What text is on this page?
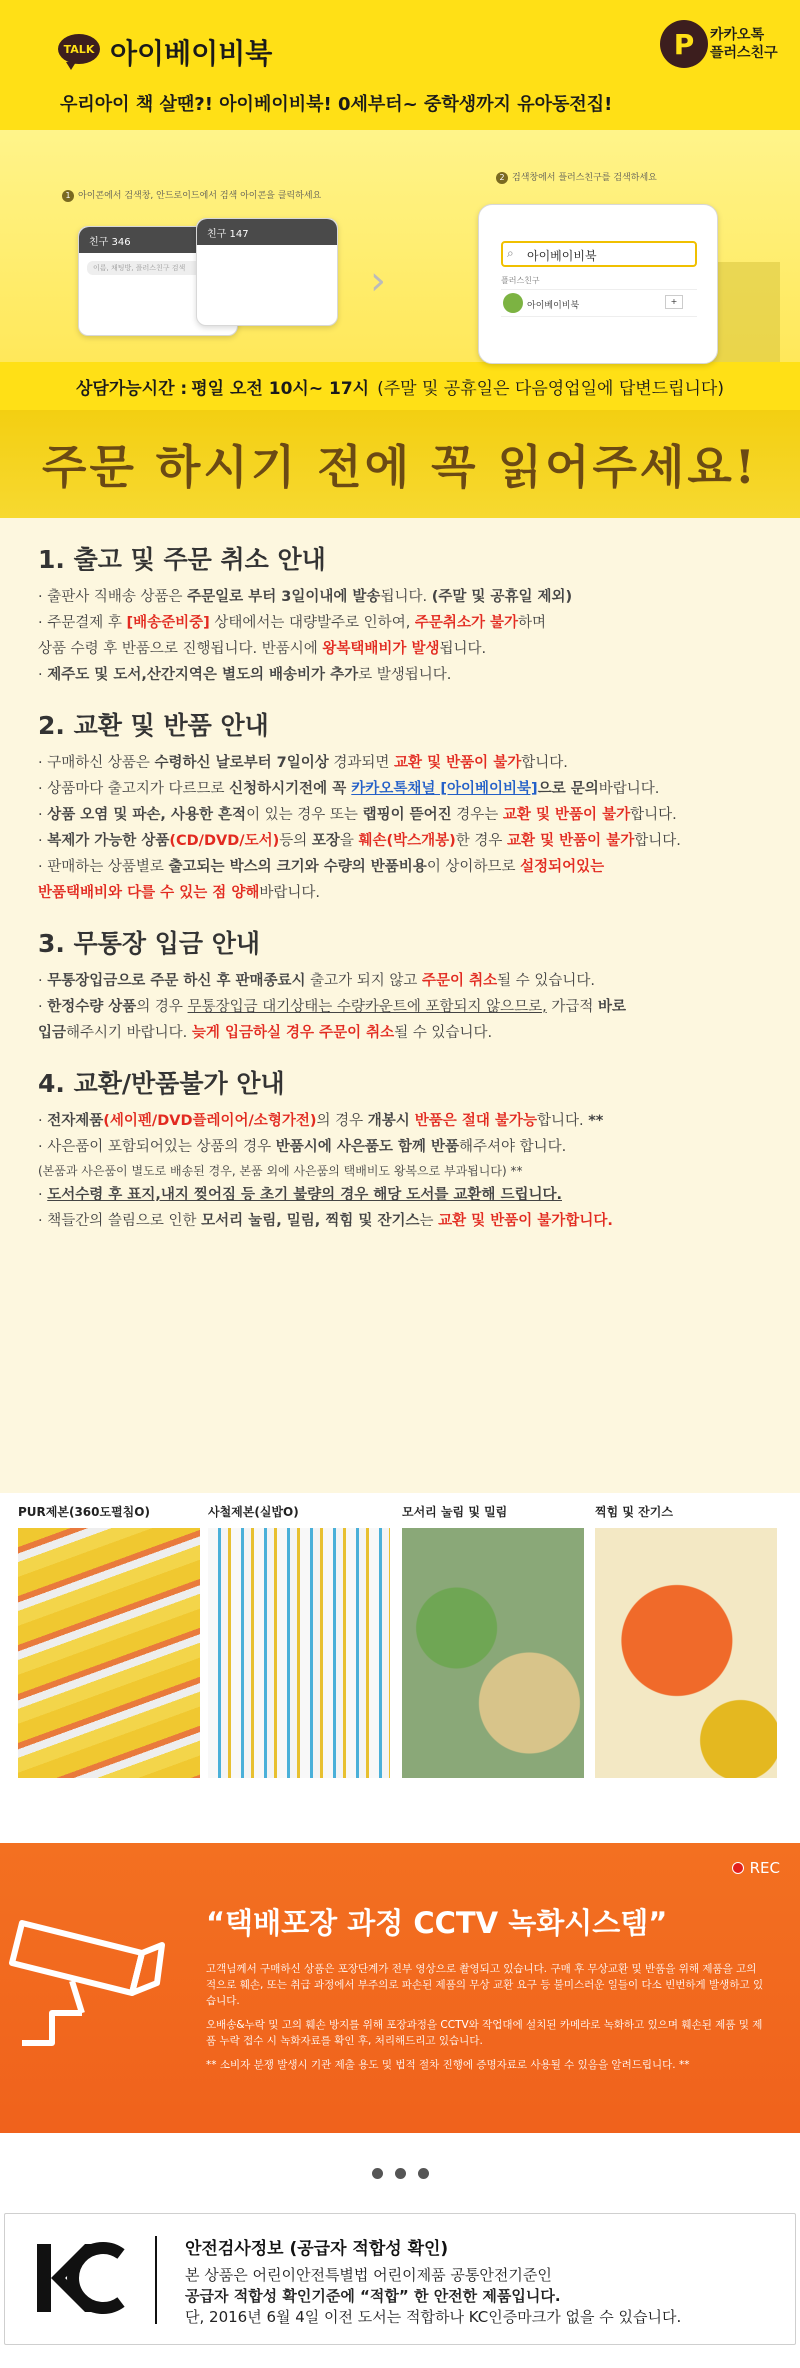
TALK 아이베이비북	P	카카오톡
플러스친구
우리아이 책 살땐?! 아이베이비북! 0세부터~ 중학생까지 유아동전집!
1 아이콘에서 검색창, 안드로이드에서 검색 아이콘을 클릭하세요
2 검색창에서 플러스친구를 검색하세요
친구 346
이름, 채팅방, 플러스친구 검색
친구 147
›
아이베이비북
⌕
플러스친구
아이베이비북	+
상담가능시간 : 평일 오전 10시~ 17시 (주말 및 공휴일은 다음영업일에 답변드립니다)
주문 하시기 전에 꼭 읽어주세요!
1. 출고 및 주문 취소 안내
· 출판사 직배송 상품은 주문일로 부터 3일이내에 발송됩니다. (주말 및 공휴일 제외)
· 주문결제 후 [배송준비중] 상태에서는 대량발주로 인하여, 주문취소가 불가하며
상품 수령 후 반품으로 진행됩니다. 반품시에 왕복택배비가 발생됩니다.
· 제주도 및 도서,산간지역은 별도의 배송비가 추가로 발생됩니다.
2. 교환 및 반품 안내
· 구매하신 상품은 수령하신 날로부터 7일이상 경과되면 교환 및 반품이 불가합니다.
· 상품마다 출고지가 다르므로 신청하시기전에 꼭 카카오톡채널 [아이베이비북]으로 문의바랍니다.
· 상품 오염 및 파손, 사용한 흔적이 있는 경우 또는 랩핑이 뜯어진 경우는 교환 및 반품이 불가합니다.
· 복제가 가능한 상품(CD/DVD/도서)등의 포장을 훼손(박스개봉)한 경우 교환 및 반품이 불가합니다.
· 판매하는 상품별로 출고되는 박스의 크기와 수량의 반품비용이 상이하므로 설정되어있는
반품택배비와 다를 수 있는 점 양해바랍니다.
3. 무통장 입금 안내
· 무통장입금으로 주문 하신 후 판매종료시 출고가 되지 않고 주문이 취소될 수 있습니다.
· 한정수량 상품의 경우 무통장입금 대기상태는 수량카운트에 포함되지 않으므로, 가급적 바로
입금해주시기 바랍니다. 늦게 입금하실 경우 주문이 취소될 수 있습니다.
4. 교환/반품불가 안내
· 전자제품(세이펜/DVD플레이어/소형가전)의 경우 개봉시 반품은 절대 불가능합니다. **
· 사은품이 포함되어있는 상품의 경우 반품시에 사은품도 함께 반품해주셔야 합니다.
(본품과 사은품이 별도로 배송된 경우, 본품 외에 사은품의 택배비도 왕복으로 부과됩니다) **
· 도서수령 후 표지,내지 찢어짐 등 초기 불량의 경우 해당 도서를 교환해 드립니다.
· 책들간의 쓸림으로 인한 모서리 눌림, 밀림, 찍힘 및 잔기스는 교환 및 반품이 불가합니다.
PUR제본(360도펼침O)	사철제본(실밥O)	모서리 눌림 및 밀림	찍힘 및 잔기스
REC
“택배포장 과정 CCTV 녹화시스템”

고객님께서 구매하신 상품은 포장단계가 전부 영상으로 촬영되고 있습니다. 구매 후 무상교환 및 반품을 위해 제품을 고의적으로 훼손, 또는 취급 과정에서 부주의로 파손된 제품의 무상 교환 요구 등 불미스러운 일들이 다소 빈번하게 발생하고 있습니다.

오배송&누락 및 고의 훼손 방지를 위해 포장과정을 CCTV와 작업대에 설치된 카메라로 녹화하고 있으며 훼손된 제품 및 제품 누락 접수 시 녹화자료를 확인 후, 처리해드리고 있습니다.

** 소비자 분쟁 발생시 기관 제출 용도 및 법적 절차 진행에 증명자료로 사용될 수 있음을 알려드립니다. **

안전검사정보 (공급자 적합성 확인)
본 상품은 어린이안전특별법 어린이제품 공통안전기준인
공급자 적합성 확인기준에 “적합” 한 안전한 제품입니다.
단, 2016년 6월 4일 이전 도서는 적합하나 KC인증마크가 없을 수 있습니다.
